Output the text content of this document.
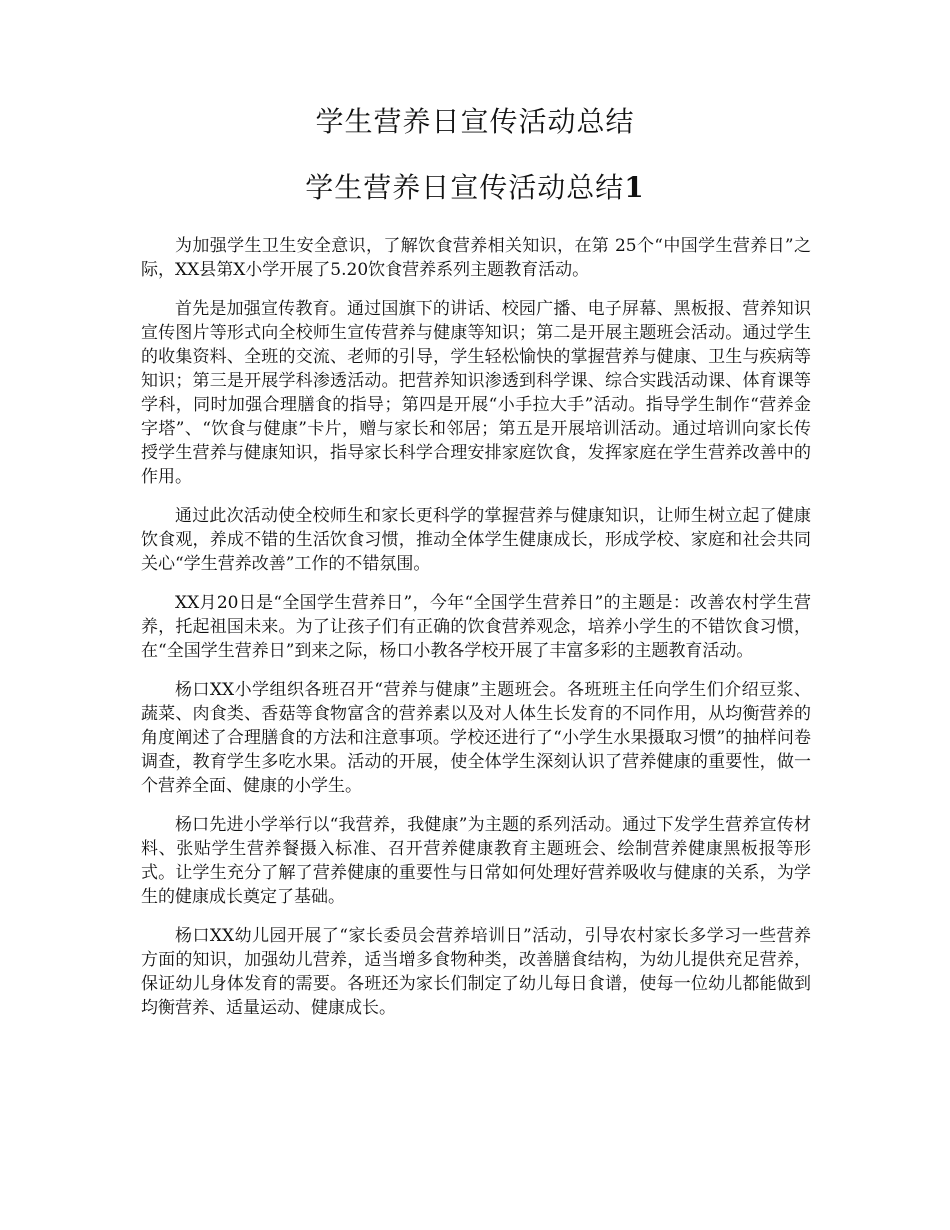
学生营养日宣传活动总结
学生营养日宣传活动总结1

为加强学生卫生安全意识，了解饮食营养相关知识，在第 25个“中国学生营养日”之际，XX县第X小学开展了5.20饮食营养系列主题教育活动。

首先是加强宣传教育。通过国旗下的讲话、校园广播、电子屏幕、黑板报、营养知识宣传图片等形式向全校师生宣传营养与健康等知识；第二是开展主题班会活动。通过学生的收集资料、全班的交流、老师的引导，学生轻松愉快的掌握营养与健康、卫生与疾病等知识；第三是开展学科渗透活动。把营养知识渗透到科学课、综合实践活动课、体育课等学科，同时加强合理膳食的指导；第四是开展“小手拉大手”活动。指导学生制作“营养金字塔”、“饮食与健康”卡片，赠与家长和邻居；第五是开展培训活动。通过培训向家长传授学生营养与健康知识，指导家长科学合理安排家庭饮食，发挥家庭在学生营养改善中的作用。

通过此次活动使全校师生和家长更科学的掌握营养与健康知识，让师生树立起了健康饮食观，养成不错的生活饮食习惯，推动全体学生健康成长，形成学校、家庭和社会共同关心“学生营养改善”工作的不错氛围。

XX月20日是“全国学生营养日”，今年“全国学生营养日”的主题是：改善农村学生营养，托起祖国未来。为了让孩子们有正确的饮食营养观念，培养小学生的不错饮食习惯，在“全国学生营养日”到来之际，杨口小教各学校开展了丰富多彩的主题教育活动。

杨口XX小学组织各班召开“营养与健康”主题班会。各班班主任向学生们介绍豆浆、蔬菜、肉食类、香菇等食物富含的营养素以及对人体生长发育的不同作用，从均衡营养的角度阐述了合理膳食的方法和注意事项。学校还进行了“小学生水果摄取习惯”的抽样问卷调查，教育学生多吃水果。活动的开展，使全体学生深刻认识了营养健康的重要性，做一个营养全面、健康的小学生。

杨口先进小学举行以“我营养，我健康”为主题的系列活动。通过下发学生营养宣传材料、张贴学生营养餐摄入标准、召开营养健康教育主题班会、绘制营养健康黑板报等形式。让学生充分了解了营养健康的重要性与日常如何处理好营养吸收与健康的关系，为学生的健康成长奠定了基础。

杨口XX幼儿园开展了“家长委员会营养培训日”活动，引导农村家长多学习一些营养方面的知识，加强幼儿营养，适当增多食物种类，改善膳食结构，为幼儿提供充足营养，保证幼儿身体发育的需要。各班还为家长们制定了幼儿每日食谱，使每一位幼儿都能做到均衡营养、适量运动、健康成长。
